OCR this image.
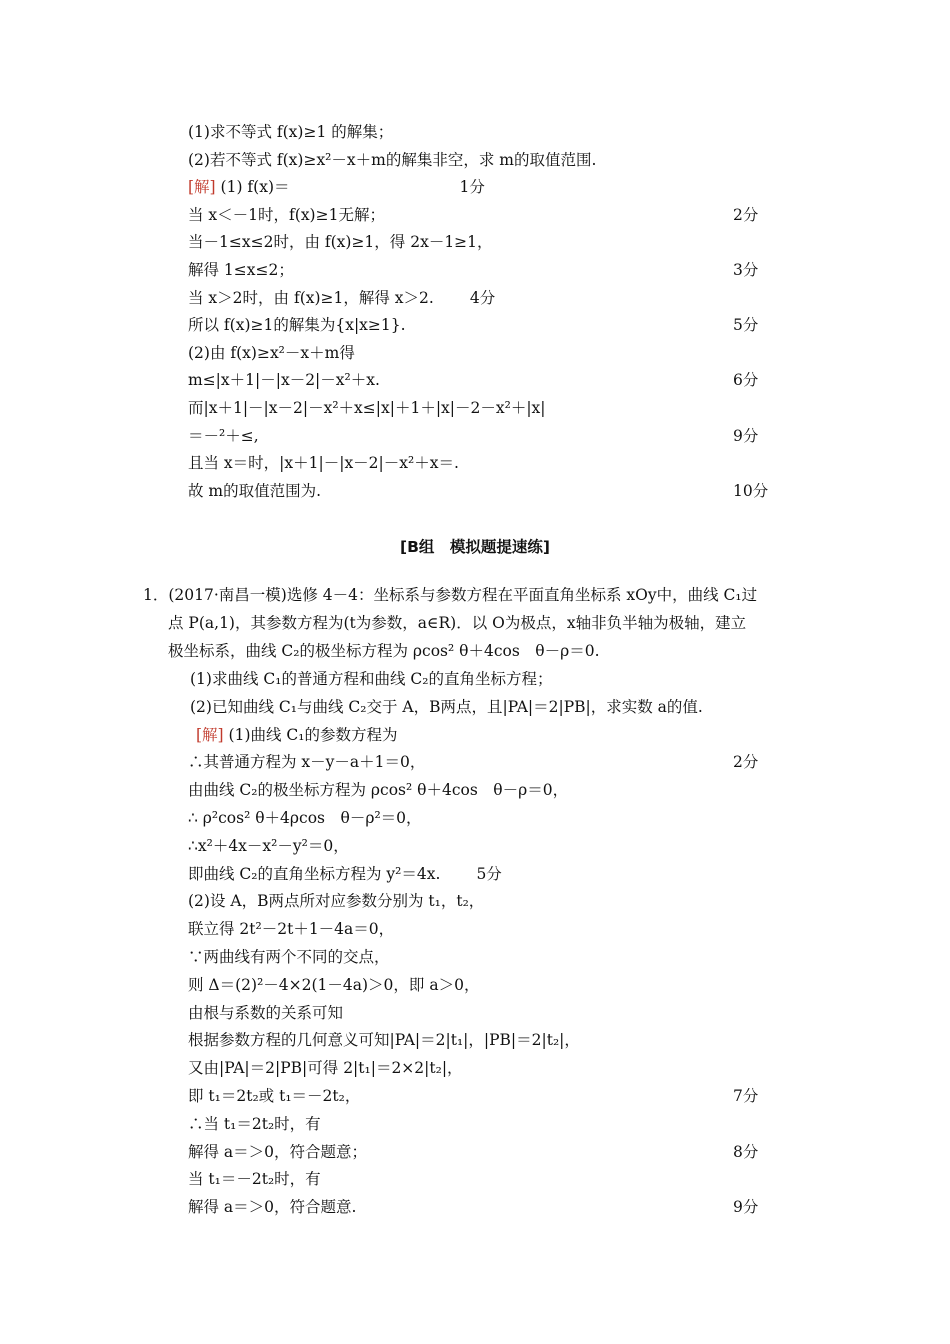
(1)求不等式 f(x)≥1 的解集；
(2)若不等式 f(x)≥x²－x＋m的解集非空，求 m的取值范围.
[解] (1) f(x)＝	1分
当 x＜－1时，f(x)≥1无解；	2分
当－1≤x≤2时，由 f(x)≥1，得 2x－1≥1，
解得 1≤x≤2；	3分
当 x＞2时，由 f(x)≥1，解得 x＞2. 4分
所以 f(x)≥1的解集为{x|x≥1}.	5分
(2)由 f(x)≥x²－x＋m得
m≤|x＋1|－|x－2|－x²＋x.	6分
而|x＋1|－|x－2|－x²＋x≤|x|＋1＋|x|－2－x²＋|x|
＝－²＋≤,	9分
且当 x＝时，|x＋1|－|x－2|－x²＋x＝.
故 m的取值范围为.	10分
[B组　模拟题提速练]
1．(2017·南昌一模)选修 4－4：坐标系与参数方程在平面直角坐标系 xOy中，曲线 C₁过
点 P(a,1)，其参数方程为(t为参数，a∈R)．以 O为极点，x轴非负半轴为极轴，建立
极坐标系，曲线 C₂的极坐标方程为 ρcos² θ＋4cos　θ－ρ＝0.
(1)求曲线 C₁的普通方程和曲线 C₂的直角坐标方程；
(2)已知曲线 C₁与曲线 C₂交于 A，B两点，且|PA|＝2|PB|，求实数 a的值.
[解] (1)曲线 C₁的参数方程为
∴其普通方程为 x－y－a＋1＝0，	2分
由曲线 C₂的极坐标方程为 ρcos² θ＋4cos　θ－ρ＝0，
∴ ρ²cos² θ＋4ρcos　θ－ρ²＝0，
∴x²＋4x－x²－y²＝0，
即曲线 C₂的直角坐标方程为 y²＝4x. 5分
(2)设 A，B两点所对应参数分别为 t₁，t₂，
联立得 2t²－2t＋1－4a＝0，
∵两曲线有两个不同的交点，
则 Δ＝(2)²－4×2(1－4a)＞0，即 a＞0，
由根与系数的关系可知
根据参数方程的几何意义可知|PA|＝2|t₁|，|PB|＝2|t₂|，
又由|PA|＝2|PB|可得 2|t₁|＝2×2|t₂|，
即 t₁＝2t₂或 t₁＝－2t₂，	7分
∴当 t₁＝2t₂时，有
解得 a＝＞0，符合题意；	8分
当 t₁＝－2t₂时，有
解得 a＝＞0，符合题意.	9分
